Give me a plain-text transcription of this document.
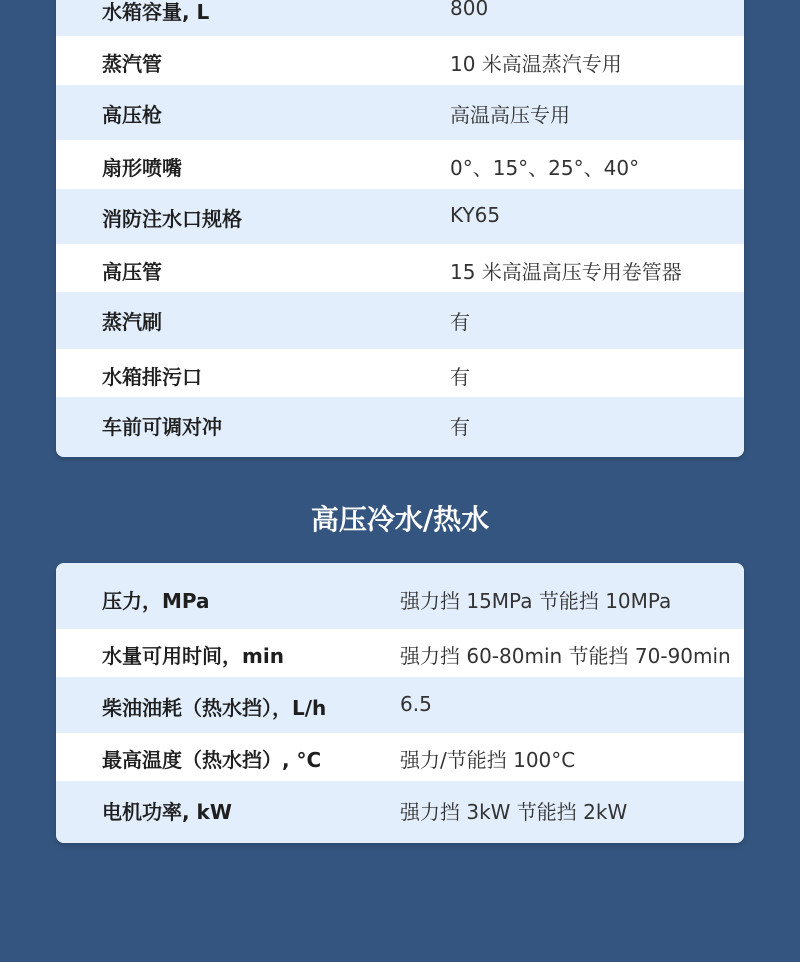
水箱容量, L	800
蒸汽管	10 米高温蒸汽专用
高压枪	高温高压专用
扇形喷嘴	0°、15°、25°、40°
消防注水口规格	KY65
高压管	15 米高温高压专用卷管器
蒸汽刷	有
水箱排污口	有
车前可调对冲	有
高压冷水/热水
压力，MPa	强力挡 15MPa 节能挡 10MPa
水量可用时间，min	强力挡 60-80min 节能挡 70-90min
柴油油耗（热水挡），L/h	6.5
最高温度（热水挡）, °C	强力/节能挡 100°C
电机功率, kW	强力挡 3kW 节能挡 2kW
